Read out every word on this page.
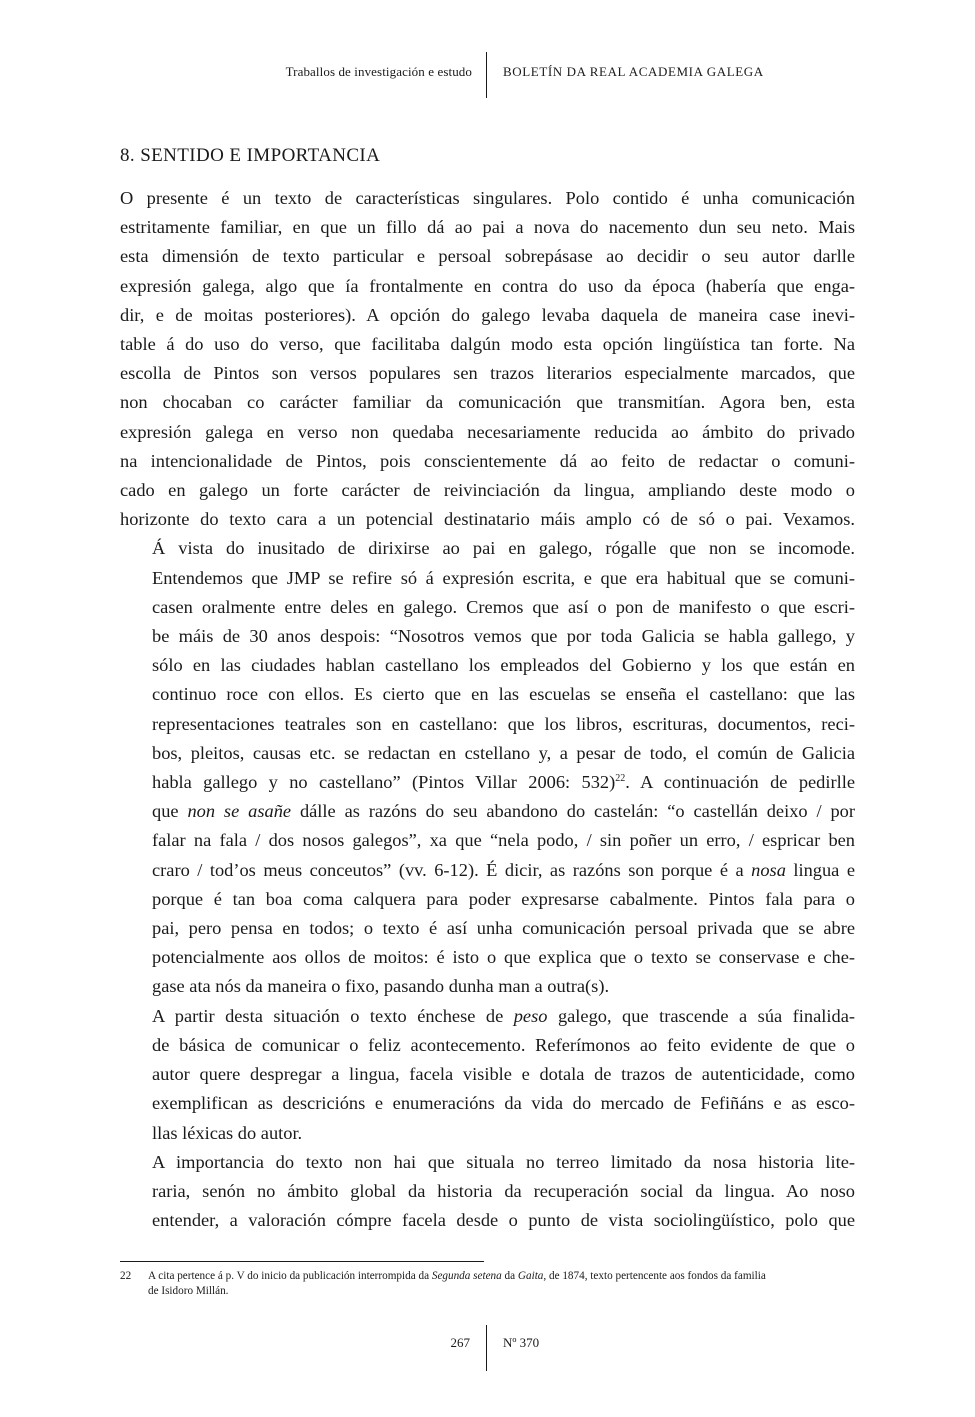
Traballos de investigación e estudo BOLETÍN DA REAL ACADEMIA GALEGA
8. SENTIDO E IMPORTANCIA

O presente é un texto de características singulares. Polo contido é unha comunicación
estritamente familiar, en que un fillo dá ao pai a nova do nacemento dun seu neto. Mais
esta dimensión de texto particular e persoal sobrepásase ao decidir o seu autor darlle
expresión galega, algo que ía frontalmente en contra do uso da época (habería que enga-
dir, e de moitas posteriores). A opción do galego levaba daquela de maneira case inevi-
table á do uso do verso, que facilitaba dalgún modo esta opción lingüística tan forte. Na
escolla de Pintos son versos populares sen trazos literarios especialmente marcados, que
non chocaban co carácter familiar da comunicación que transmitían. Agora ben, esta
expresión galega en verso non quedaba necesariamente reducida ao ámbito do privado
na intencionalidade de Pintos, pois conscientemente dá ao feito de redactar o comuni-
cado en galego un forte carácter de reivinciación da lingua, ampliando deste modo o
horizonte do texto cara a un potencial destinatario máis amplo có de só o pai. Vexamos.

Á vista do inusitado de dirixirse ao pai en galego, rógalle que non se incomode.
Entendemos que JMP se refire só á expresión escrita, e que era habitual que se comuni-
casen oralmente entre deles en galego. Cremos que así o pon de manifesto o que escri-
be máis de 30 anos despois: “Nosotros vemos que por toda Galicia se habla gallego, y
sólo en las ciudades hablan castellano los empleados del Gobierno y los que están en
continuo roce con ellos. Es cierto que en las escuelas se enseña el castellano: que las
representaciones teatrales son en castellano: que los libros, escrituras, documentos, reci-
bos, pleitos, causas etc. se redactan en cstellano y, a pesar de todo, el común de Galicia
habla gallego y no castellano” (Pintos Villar 2006: 532)$^{22}$. A continuación de pedirlle
que non se asañe dálle as razóns do seu abandono do castelán: “o castellán deixo / por
falar na fala / dos nosos galegos”, xa que “nela podo, / sin poñer un erro, / espricar ben
craro / tod’os meus conceutos” (vv. 6-12). É dicir, as razóns son porque é a nosa lingua e
porque é tan boa coma calquera para poder expresarse cabalmente. Pintos fala para o
pai, pero pensa en todos; o texto é así unha comunicación persoal privada que se abre
potencialmente aos ollos de moitos: é isto o que explica que o texto se conservase e che-
gase ata nós da maneira o fixo, pasando dunha man a outra(s).

A partir desta situación o texto énchese de peso galego, que trascende a súa finalida-
de básica de comunicar o feliz acontecemento. Referímonos ao feito evidente de que o
autor quere despregar a lingua, facela visible e dotala de trazos de autenticidade, como
exemplifican as descricións e enumeracións da vida do mercado de Fefiñáns e as esco-
llas léxicas do autor.

A importancia do texto non hai que situala no terreo limitado da nosa historia lite-
raria, senón no ámbito global da historia da recuperación social da lingua. Ao noso
entender, a valoración cómpre facela desde o punto de vista sociolingüístico, polo que

22 A cita pertence á p. V do inicio da publicación interrompida da Segunda setena da Gaita, de 1874, texto pertencente aos fondos da familia
de Isidoro Millán.
267	Nº 370
